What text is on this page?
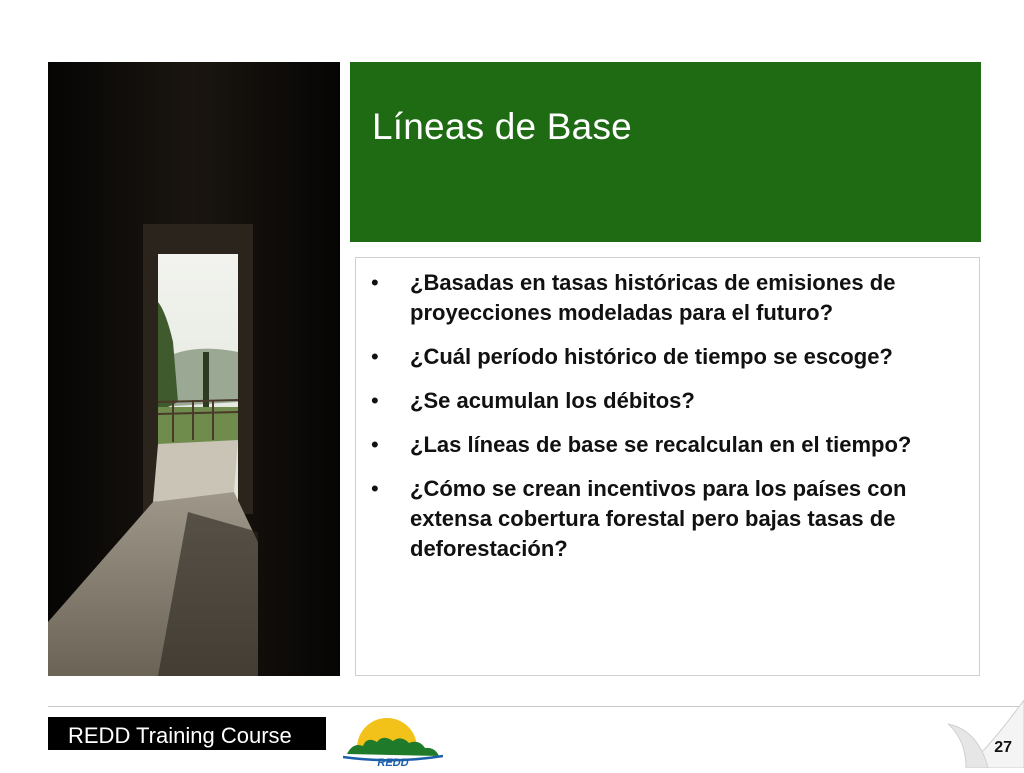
Líneas de Base
• ¿Basadas en tasas históricas de emisiones de proyecciones modeladas para el futuro?
• ¿Cuál período histórico de tiempo se escoge?
• ¿Se acumulan los débitos?
• ¿Las líneas de base se recalculan en el tiempo?
• ¿Cómo se crean incentivos para los países con extensa cobertura forestal pero bajas tasas de deforestación?
REDD Training Course
REDD
27
